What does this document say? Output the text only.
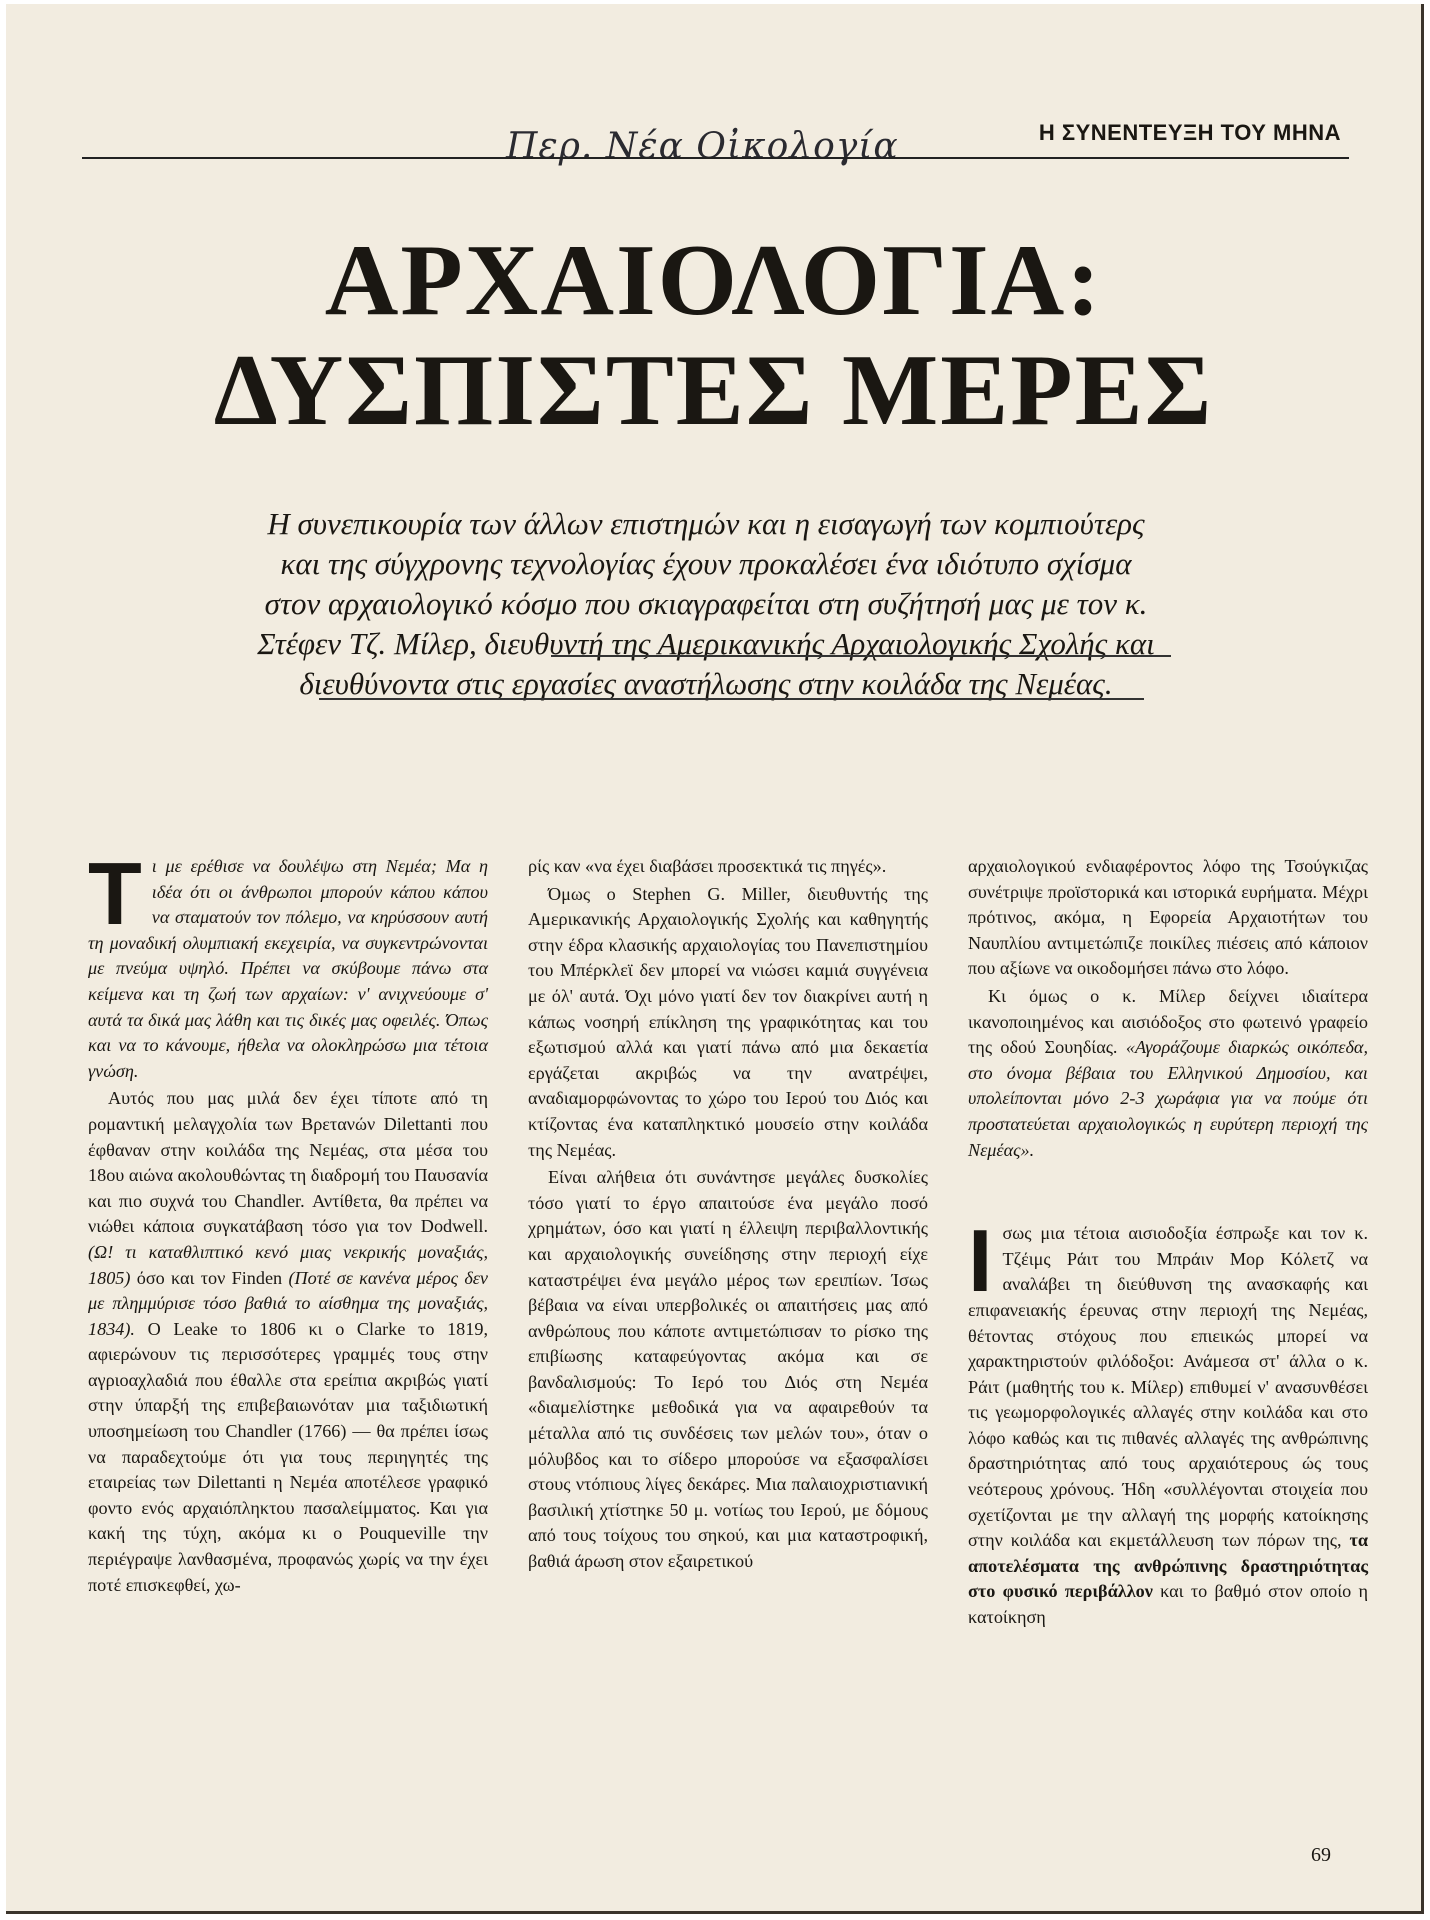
Περ. Νέα Οἰκολογία	Η ΣΥΝΕΝΤΕΥΞΗ ΤΟΥ ΜΗΝΑ
ΑΡΧΑΙΟΛΟΓΙΑ:
ΔΥΣΠΙΣΤΕΣ ΜΕΡΕΣ
Η συνεπικουρία των άλλων επιστημών και η εισαγωγή των κομπιούτερς και της σύγχρονης τεχνολογίας έχουν προκαλέσει ένα ιδιότυπο σχίσμα στον αρχαιολογικό κόσμο που σκιαγραφείται στη συζήτησή μας με τον κ. Στέφεν Τζ. Μίλερ, διευθυντή της Αμερικανικής Αρχαιολογικής Σχολής και διευθύνοντα στις εργασίες αναστήλωσης στην κοιλάδα της Νεμέας.

Τι με ερέθισε να δουλέψω στη Νεμέα; Μα η ιδέα ότι οι άνθρωποι μπορούν κάπου κάπου να σταματούν τον πόλεμο, να κηρύσσουν αυτή τη μοναδική ολυμπιακή εκεχειρία, να συγκεντρώνονται με πνεύμα υψηλό. Πρέπει να σκύβουμε πάνω στα κείμενα και τη ζωή των αρχαίων: ν' ανιχνεύουμε σ' αυτά τα δικά μας λάθη και τις δικές μας οφειλές. Όπως και να το κάνουμε, ήθελα να ολοκληρώσω μια τέτοια γνώση.

Αυτός που μας μιλά δεν έχει τίποτε από τη ρομαντική μελαγχολία των Βρετανών Dilettanti που έφθαναν στην κοιλάδα της Νεμέας, στα μέσα του 18ου αιώνα ακολουθώντας τη διαδρομή του Παυσανία και πιο συχνά του Chandler. Αντίθετα, θα πρέπει να νιώθει κάποια συγκατάβαση τόσο για τον Dodwell. (Ω! τι καταθλιπτικό κενό μιας νεκρικής μοναξιάς, 1805) όσο και τον Finden (Ποτέ σε κανένα μέρος δεν με πλημμύρισε τόσο βαθιά το αίσθημα της μοναξιάς, 1834). Ο Leake το 1806 κι ο Clarke το 1819, αφιερώνουν τις περισσότερες γραμμές τους στην αγριοαχλαδιά που έθαλλε στα ερείπια ακριβώς γιατί στην ύπαρξή της επιβεβαιωνόταν μια ταξιδιωτική υποσημείωση του Chandler (1766) — θα πρέπει ίσως να παραδεχτούμε ότι για τους περιηγητές της εταιρείας των Dilettanti η Νεμέα αποτέλεσε γραφικό φοντο ενός αρχαιόπληκτου πασαλείμματος. Και για κακή της τύχη, ακόμα κι ο Pouqueville την περιέγραψε λανθασμένα, προφανώς χωρίς να την έχει ποτέ επισκεφθεί, χω-

ρίς καν «να έχει διαβάσει προσεκτικά τις πηγές».

Όμως ο Stephen G. Miller, διευθυντής της Αμερικανικής Αρχαιολογικής Σχολής και καθηγητής στην έδρα κλασικής αρχαιολογίας του Πανεπιστημίου του Μπέρκλεϊ δεν μπορεί να νιώσει καμιά συγγένεια με όλ' αυτά. Όχι μόνο γιατί δεν τον διακρίνει αυτή η κάπως νοσηρή επίκληση της γραφικότητας και του εξωτισμού αλλά και γιατί πάνω από μια δεκαετία εργάζεται ακριβώς να την ανατρέψει, αναδιαμορφώνοντας το χώρο του Ιερού του Διός και κτίζοντας ένα καταπληκτικό μουσείο στην κοιλάδα της Νεμέας.

Είναι αλήθεια ότι συνάντησε μεγάλες δυσκολίες τόσο γιατί το έργο απαιτούσε ένα μεγάλο ποσό χρημάτων, όσο και γιατί η έλλειψη περιβαλλοντικής και αρχαιολογικής συνείδησης στην περιοχή είχε καταστρέψει ένα μεγάλο μέρος των ερειπίων. Ίσως βέβαια να είναι υπερβολικές οι απαιτήσεις μας από ανθρώπους που κάποτε αντιμετώπισαν το ρίσκο της επιβίωσης καταφεύγοντας ακόμα και σε βανδαλισμούς: Το Ιερό του Διός στη Νεμέα «διαμελίστηκε μεθοδικά για να αφαιρεθούν τα μέταλλα από τις συνδέσεις των μελών του», όταν ο μόλυβδος και το σίδερο μπορούσε να εξασφαλίσει στους ντόπιους λίγες δεκάρες. Μια παλαιοχριστιανική βασιλική χτίστηκε 50 μ. νοτίως του Ιερού, με δόμους από τους τοίχους του σηκού, και μια καταστροφική, βαθιά άρωση στον εξαιρετικού

αρχαιολογικού ενδιαφέροντος λόφο της Τσούγκιζας συνέτριψε προϊστορικά και ιστορικά ευρήματα. Μέχρι πρότινος, ακόμα, η Εφορεία Αρχαιοτήτων του Ναυπλίου αντιμετώπιζε ποικίλες πιέσεις από κάποιον που αξίωνε να οικοδομήσει πάνω στο λόφο.

Κι όμως ο κ. Μίλερ δείχνει ιδιαίτερα ικανοποιημένος και αισιόδοξος στο φωτεινό γραφείο της οδού Σουηδίας. «Αγοράζουμε διαρκώς οικόπεδα, στο όνομα βέβαια του Ελληνικού Δημοσίου, και υπολείπονται μόνο 2-3 χωράφια για να πούμε ότι προστατεύεται αρχαιολογικώς η ευρύτερη περιοχή της Νεμέας».

Ισως μια τέτοια αισιοδοξία έσπρωξε και τον κ. Τζέιμς Ράιτ του Μπράιν Μορ Κόλετζ να αναλάβει τη διεύθυνση της ανασκαφής και επιφανειακής έρευνας στην περιοχή της Νεμέας, θέτοντας στόχους που επιεικώς μπορεί να χαρακτηριστούν φιλόδοξοι: Ανάμεσα στ' άλλα ο κ. Ράιτ (μαθητής του κ. Μίλερ) επιθυμεί ν' ανασυνθέσει τις γεωμορφολογικές αλλαγές στην κοιλάδα και στο λόφο καθώς και τις πιθανές αλλαγές της ανθρώπινης δραστηριότητας από τους αρχαιότερους ώς τους νεότερους χρόνους. Ήδη «συλλέγονται στοιχεία που σχετίζονται με την αλλαγή της μορφής κατοίκησης στην κοιλάδα και εκμετάλλευση των πόρων της, τα αποτελέσματα της ανθρώπινης δραστηριότητας στο φυσικό περιβάλλον και το βαθμό στον οποίο η κατοίκηση

69
